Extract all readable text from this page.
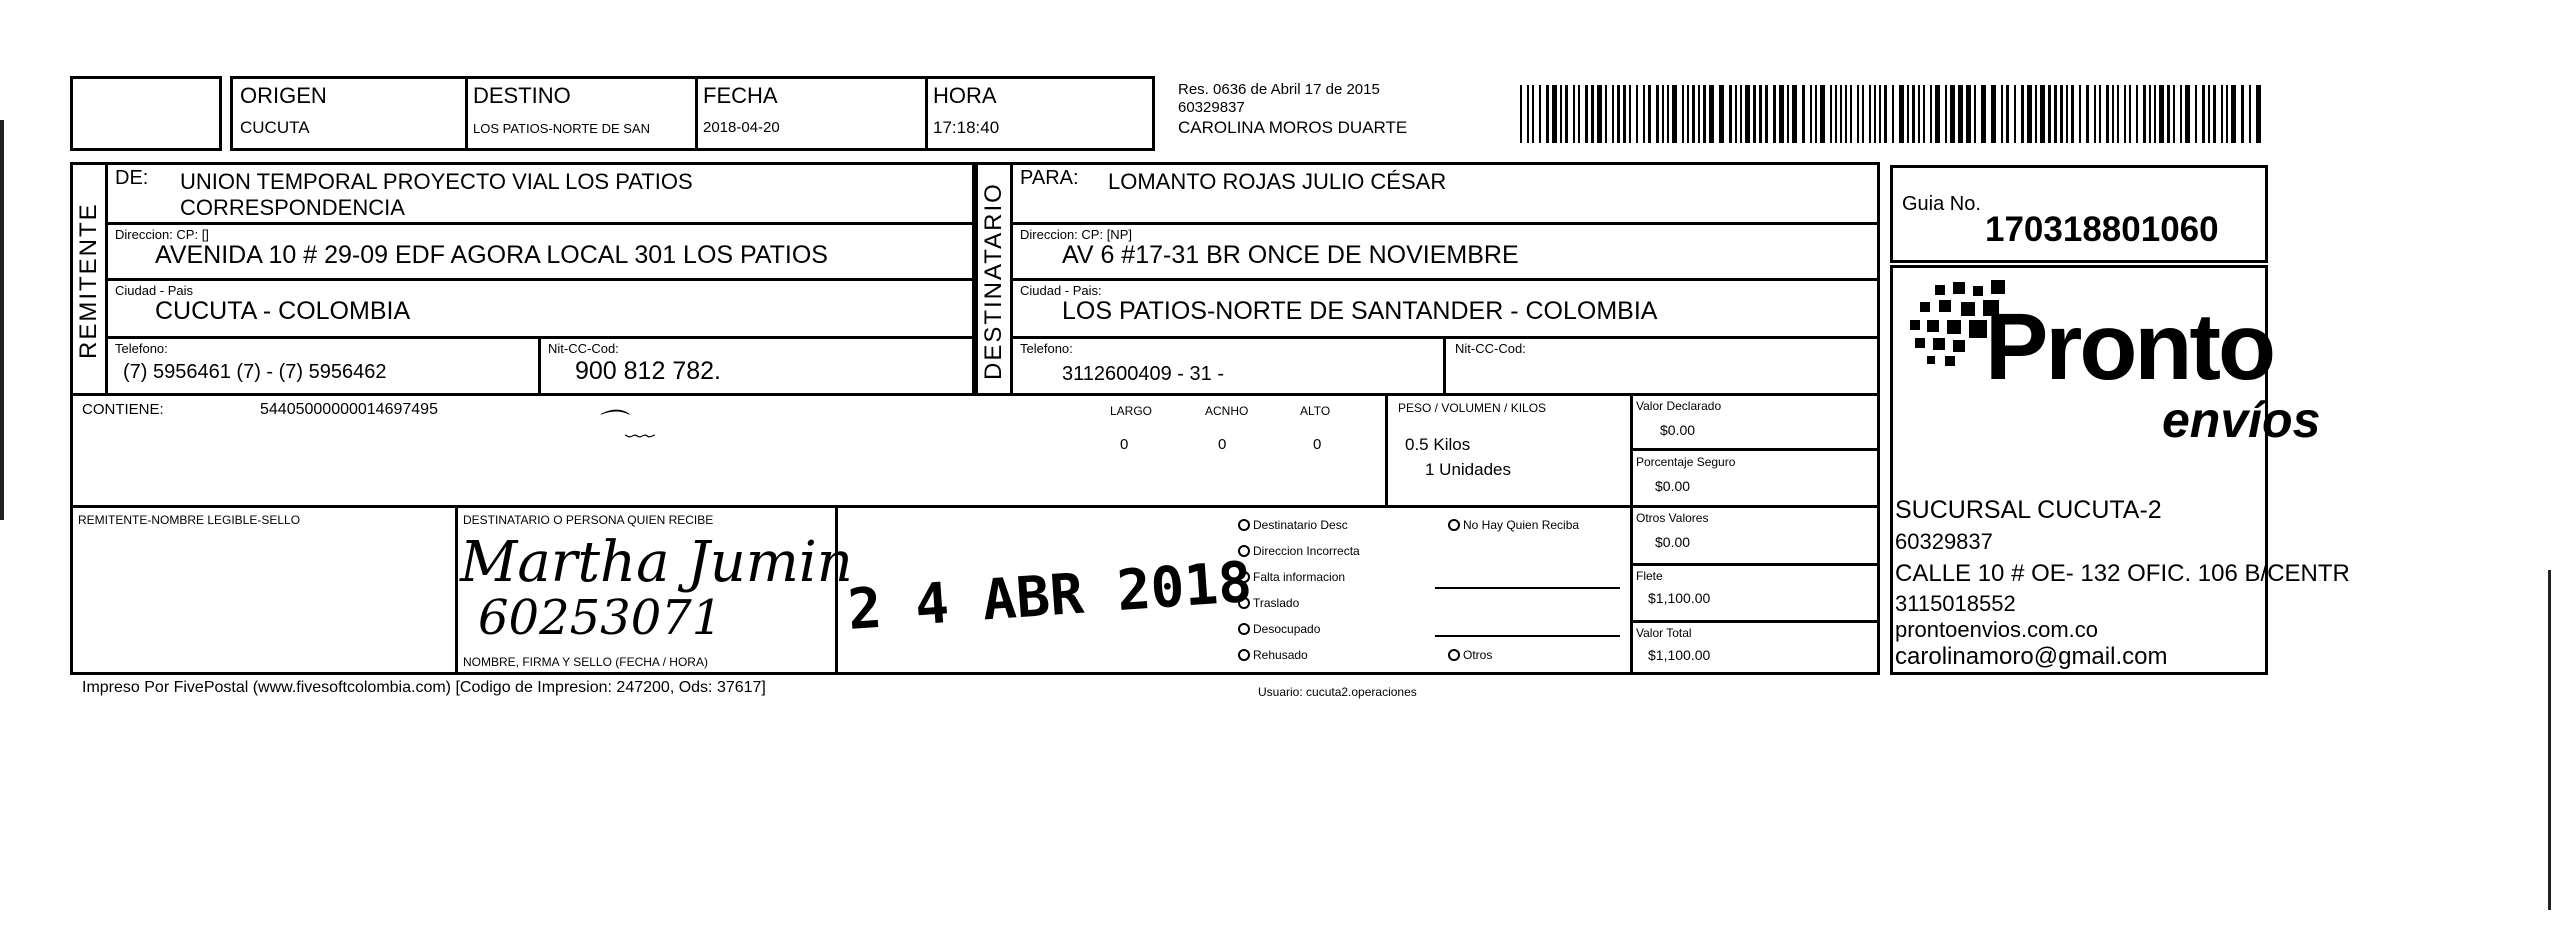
ORIGEN
CUCUTA
DESTINO
LOS PATIOS-NORTE DE SAN
FECHA
2018-04-20
HORA
17:18:40
Res. 0636 de Abril 17 de 2015
60329837
CAROLINA MOROS DUARTE
REMITENTE
DE: UNION TEMPORAL PROYECTO VIAL LOS PATIOS
CORRESPONDENCIA
Direccion: CP: []
AVENIDA 10 # 29-09 EDF AGORA LOCAL 301 LOS PATIOS
Ciudad - Pais
CUCUTA - COLOMBIA
Telefono:
(7) 5956461 (7) - (7) 5956462
Nit-CC-Cod:
900 812 782.	DESTINATARIO
PARA: LOMANTO ROJAS JULIO CÉSAR
Direccion: CP: [NP]
AV 6 #17-31 BR ONCE DE NOVIEMBRE
Ciudad - Pais:
LOS PATIOS-NORTE DE SANTANDER - COLOMBIA
Telefono:
3112600409 - 31 -
Nit-CC-Cod:
Guia No.
170318801060
Pronto
envíos
SUCURSAL CUCUTA-2
60329837
CALLE 10 # OE- 132 OFIC. 106 B/CENTR
3115018552
prontoenvios.com.co
carolinamoro@gmail.com
CONTIENE:	54405000000014697495	⌒﹏	LARGO	ACNHO	ALTO
0	0	0
PESO / VOLUMEN / KILOS
0.5 Kilos
1 Unidades
Valor Declarado
$0.00
Porcentaje Seguro
$0.00
REMITENTE-NOMBRE LEGIBLE-SELLO	DESTINATARIO O PERSONA QUIEN RECIBE
Martha Jumin
60253071
NOMBRE, FIRMA Y SELLO (FECHA / HORA)
2 4 ABR 2018
Destinatario Desc
Direccion Incorrecta
Falta informacion
Traslado
Desocupado
Rehusado
No Hay Quien Reciba
Otros
Otros Valores
$0.00
Flete
$1,100.00
Valor Total
$1,100.00
Impreso Por FivePostal (www.fivesoftcolombia.com) [Codigo de Impresion: 247200, Ods: 37617]	Usuario: cucuta2.operaciones
